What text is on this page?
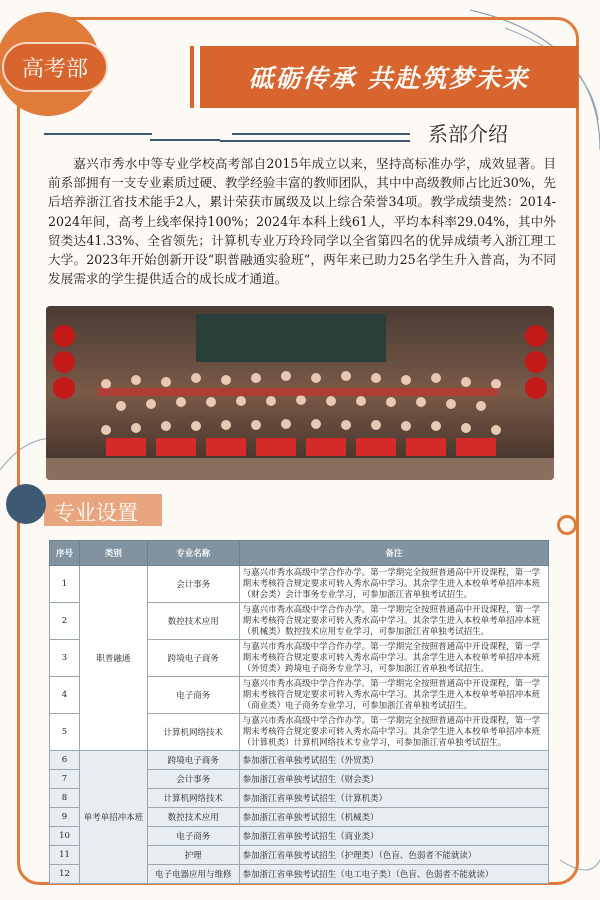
高考部	砥砺传承 共赴筑梦未来
系部介绍

嘉兴市秀水中等专业学校高考部自2015年成立以来，坚持高标准办学，成效显著。目前系部拥有一支专业素质过硬、教学经验丰富的教师团队，其中中高级教师占比近30%，先后培养浙江省技术能手2人，累计荣获市属级及以上综合荣誉34项。教学成绩斐然：2014-2024年间，高考上线率保持100%；2024年本科上线61人，平均本科率29.04%，其中外贸类达41.33%、全省领先；计算机专业万玲玲同学以全省第四名的优异成绩考入浙江理工大学。2023年开始创新开设“职普融通实验班”，两年来已助力25名学生升入普高，为不同发展需求的学生提供适合的成长成才通道。

专业设置
序号	类别	专业名称	备注
1	职普融通	会计事务	与嘉兴市秀水高级中学合作办学。第一学期完全按照普通高中开设课程，第一学期末考核符合规定要求可转入秀水高中学习。其余学生进入本校单考单招冲本班（财会类）会计事务专业学习，可参加浙江省单独考试招生。
2		数控技术应用	与嘉兴市秀水高级中学合作办学。第一学期完全按照普通高中开设课程，第一学期末考核符合规定要求可转入秀水高中学习。其余学生进入本校单考单招冲本班（机械类）数控技术应用专业学习，可参加浙江省单独考试招生。
3		跨境电子商务	与嘉兴市秀水高级中学合作办学。第一学期完全按照普通高中开设课程，第一学期末考核符合规定要求可转入秀水高中学习。其余学生进入本校单考单招冲本班（外贸类）跨境电子商务专业学习，可参加浙江省单独考试招生。
4		电子商务	与嘉兴市秀水高级中学合作办学。第一学期完全按照普通高中开设课程，第一学期末考核符合规定要求可转入秀水高中学习。其余学生进入本校单考单招冲本班（商业类）电子商务专业学习，可参加浙江省单独考试招生。
5		计算机网络技术	与嘉兴市秀水高级中学合作办学。第一学期完全按照普通高中开设课程，第一学期末考核符合规定要求可转入秀水高中学习。其余学生进入本校单考单招冲本班（计算机类）计算机网络技术专业学习，可参加浙江省单独考试招生。
6	单考单招冲本班	跨境电子商务	参加浙江省单独考试招生（外贸类）
7		会计事务	参加浙江省单独考试招生（财会类）
8		计算机网络技术	参加浙江省单独考试招生（计算机类）
9		数控技术应用	参加浙江省单独考试招生（机械类）
10		电子商务	参加浙江省单独考试招生（商业类）
11		护理	参加浙江省单独考试招生（护理类）（色盲、色弱者不能就读）
12		电子电器应用与维修	参加浙江省单独考试招生（电工电子类）（色盲、色弱者不能就读）
